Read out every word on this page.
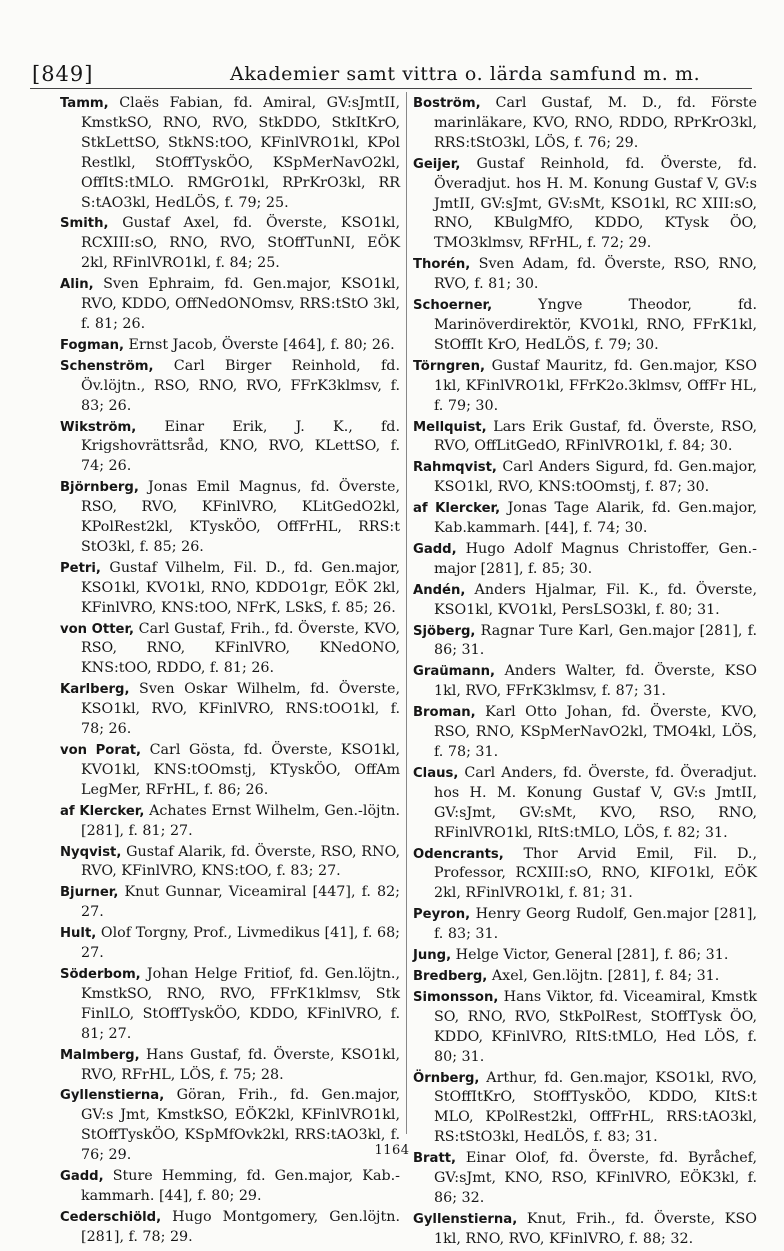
[849]	Akademier samt vittra o. lärda samfund m. m.
Tamm, Claës Fabian, fd. Amiral, GV:sJmtII, KmstkSO, RNO, RVO, StkDDO, StkItKrO, StkLettSO, StkNS:tOO, KFinlVRO1kl, KPol Restlkl, StOffTyskÖO, KSpMerNavO2kl, OffItS:tMLO. RMGrO1kl, RPrKrO3kl, RR S:tAO3kl, HedLÖS, f. 79; 25.
Smith, Gustaf Axel, fd. Överste, KSO1kl, RCXIII:sO, RNO, RVO, StOffTunNI, EÖK 2kl, RFinlVRO1kl, f. 84; 25.
Alin, Sven Ephraim, fd. Gen.major, KSO1kl, RVO, KDDO, OffNedONOmsv, RRS:tStO 3kl, f. 81; 26.
Fogman, Ernst Jacob, Överste [464], f. 80; 26.
Schenström, Carl Birger Reinhold, fd. Öv.löjtn., RSO, RNO, RVO, FFrK3klmsv, f. 83; 26.
Wikström, Einar Erik, J. K., fd. Krigshovrättsråd, KNO, RVO, KLettSO, f. 74; 26.
Björnberg, Jonas Emil Magnus, fd. Överste, RSO, RVO, KFinlVRO, KLitGedO2kl, KPolRest2kl, KTyskÖO, OffFrHL, RRS:t StO3kl, f. 85; 26.
Petri, Gustaf Vilhelm, Fil. D., fd. Gen.major, KSO1kl, KVO1kl, RNO, KDDO1gr, EÖK 2kl, KFinlVRO, KNS:tOO, NFrK, LSkS, f. 85; 26.
von Otter, Carl Gustaf, Frih., fd. Överste, KVO, RSO, RNO, KFinlVRO, KNedONO, KNS:tOO, RDDO, f. 81; 26.
Karlberg, Sven Oskar Wilhelm, fd. Överste, KSO1kl, RVO, KFinlVRO, RNS:tOO1kl, f. 78; 26.
von Porat, Carl Gösta, fd. Överste, KSO1kl, KVO1kl, KNS:tOOmstj, KTyskÖO, OffAm LegMer, RFrHL, f. 86; 26.
af Klercker, Achates Ernst Wilhelm, Gen.-löjtn. [281], f. 81; 27.
Nyqvist, Gustaf Alarik, fd. Överste, RSO, RNO, RVO, KFinlVRO, KNS:tOO, f. 83; 27.
Bjurner, Knut Gunnar, Viceamiral [447], f. 82; 27.
Hult, Olof Torgny, Prof., Livmedikus [41], f. 68; 27.
Söderbom, Johan Helge Fritiof, fd. Gen.löjtn., KmstkSO, RNO, RVO, FFrK1klmsv, Stk FinlLO, StOffTyskÖO, KDDO, KFinlVRO, f. 81; 27.
Malmberg, Hans Gustaf, fd. Överste, KSO1kl, RVO, RFrHL, LÖS, f. 75; 28.
Gyllenstierna, Göran, Frih., fd. Gen.major, GV:s Jmt, KmstkSO, EÖK2kl, KFinlVRO1kl, StOffTyskÖO, KSpMfOvk2kl, RRS:tAO3kl, f. 76; 29.
Gadd, Sture Hemming, fd. Gen.major, Kab.-kammarh. [44], f. 80; 29.
Cederschiöld, Hugo Montgomery, Gen.löjtn. [281], f. 78; 29.
Boström, Carl Gustaf, M. D., fd. Förste marinläkare, KVO, RNO, RDDO, RPrKrO3kl, RRS:tStO3kl, LÖS, f. 76; 29.
Geijer, Gustaf Reinhold, fd. Överste, fd. Överadjut. hos H. M. Konung Gustaf V, GV:s JmtII, GV:sJmt, GV:sMt, KSO1kl, RC XIII:sO, RNO, KBulgMfO, KDDO, KTysk ÖO, TMO3klmsv, RFrHL, f. 72; 29.
Thorén, Sven Adam, fd. Överste, RSO, RNO, RVO, f. 81; 30.
Schoerner, Yngve Theodor, fd. Marinöverdirektör, KVO1kl, RNO, FFrK1kl, StOffIt KrO, HedLÖS, f. 79; 30.
Törngren, Gustaf Mauritz, fd. Gen.major, KSO 1kl, KFinlVRO1kl, FFrK2o.3klmsv, OffFr HL, f. 79; 30.
Mellquist, Lars Erik Gustaf, fd. Överste, RSO, RVO, OffLitGedO, RFinlVRO1kl, f. 84; 30.
Rahmqvist, Carl Anders Sigurd, fd. Gen.major, KSO1kl, RVO, KNS:tOOmstj, f. 87; 30.
af Klercker, Jonas Tage Alarik, fd. Gen.major, Kab.kammarh. [44], f. 74; 30.
Gadd, Hugo Adolf Magnus Christoffer, Gen.-major [281], f. 85; 30.
Andén, Anders Hjalmar, Fil. K., fd. Överste, KSO1kl, KVO1kl, PersLSO3kl, f. 80; 31.
Sjöberg, Ragnar Ture Karl, Gen.major [281], f. 86; 31.
Graümann, Anders Walter, fd. Överste, KSO 1kl, RVO, FFrK3klmsv, f. 87; 31.
Broman, Karl Otto Johan, fd. Överste, KVO, RSO, RNO, KSpMerNavO2kl, TMO4kl, LÖS, f. 78; 31.
Claus, Carl Anders, fd. Överste, fd. Överadjut. hos H. M. Konung Gustaf V, GV:s JmtII, GV:sJmt, GV:sMt, KVO, RSO, RNO, RFinlVRO1kl, RItS:tMLO, LÖS, f. 82; 31.
Odencrants, Thor Arvid Emil, Fil. D., Professor, RCXIII:sO, RNO, KIFO1kl, EÖK 2kl, RFinlVRO1kl, f. 81; 31.
Peyron, Henry Georg Rudolf, Gen.major [281], f. 83; 31.
Jung, Helge Victor, General [281], f. 86; 31.
Bredberg, Axel, Gen.löjtn. [281], f. 84; 31.
Simonsson, Hans Viktor, fd. Viceamiral, Kmstk SO, RNO, RVO, StkPolRest, StOffTysk ÖO, KDDO, KFinlVRO, RItS:tMLO, Hed LÖS, f. 80; 31.
Örnberg, Arthur, fd. Gen.major, KSO1kl, RVO, StOffItKrO, StOffTyskÖO, KDDO, KItS:t MLO, KPolRest2kl, OffFrHL, RRS:tAO3kl, RS:tStO3kl, HedLÖS, f. 83; 31.
Bratt, Einar Olof, fd. Överste, fd. Byråchef, GV:sJmt, KNO, RSO, KFinlVRO, EÖK3kl, f. 86; 32.
Gyllenstierna, Knut, Frih., fd. Överste, KSO 1kl, RNO, RVO, KFinlVRO, f. 88; 32.
1164
